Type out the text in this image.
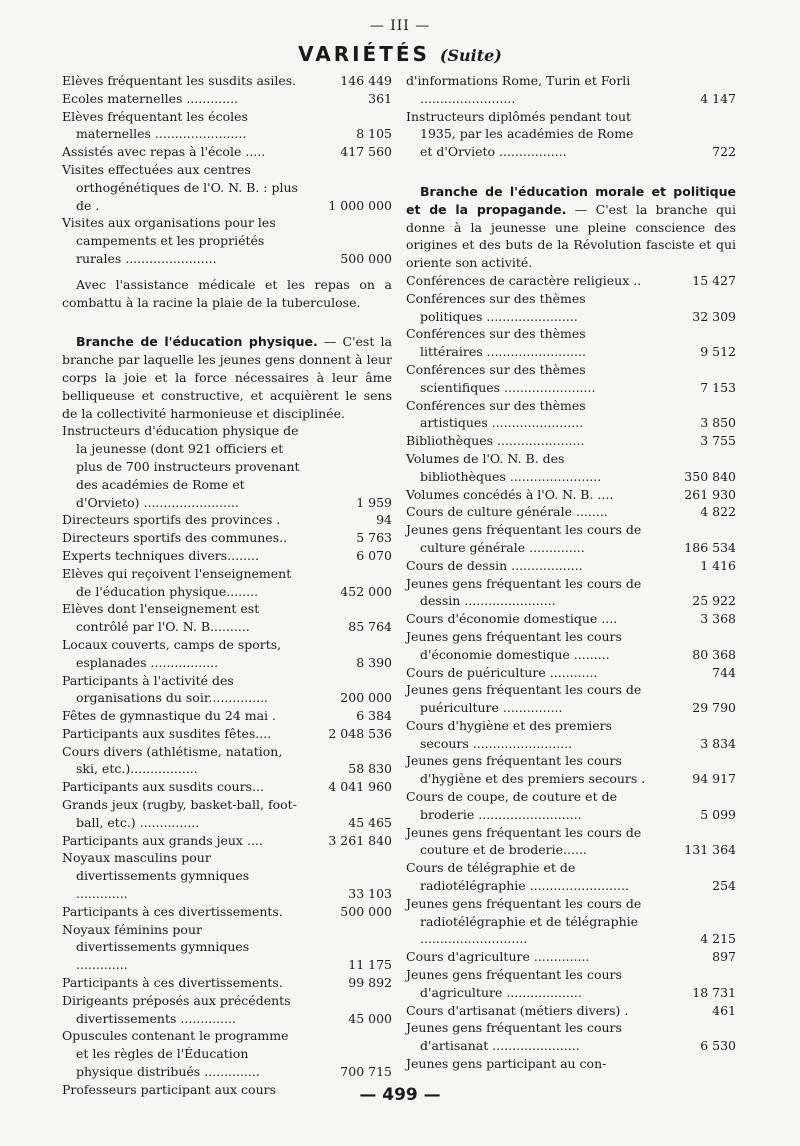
— III —
VARIÉTÉS (Suite)
Elèves fréquentant les susdits asiles.	146 449
Ecoles maternelles .............	361
Elèves fréquentant les écoles maternelles .......................	8 105
Assistés avec repas à l'école .....	417 560
Visites effectuées aux centres orthogénétiques de l'O. N. B. : plus de .	1 000 000
Visites aux organisations pour les campements et les propriétés rurales .......................	500 000

Avec l'assistance médicale et les repas on a combattu à la racine la plaie de la tuberculose.

Branche de l'éducation physique. — C'est la branche par laquelle les jeunes gens donnent à leur corps la joie et la force nécessaires à leur âme belliqueuse et constructive, et acquièrent le sens de la collectivité harmonieuse et disciplinée.

Instructeurs d'éducation physique de la jeunesse (dont 921 officiers et plus de 700 instructeurs provenant des académies de Rome et d'Orvieto) ........................	1 959
Directeurs sportifs des provinces .	94
Directeurs sportifs des communes..	5 763
Experts techniques divers........	6 070
Elèves qui reçoivent l'enseignement de l'éducation physique........	452 000
Elèves dont l'enseignement est contrôlé par l'O. N. B..........	85 764
Locaux couverts, camps de sports, esplanades .................	8 390
Participants à l'activité des organisations du soir...............	200 000
Fêtes de gymnastique du 24 mai .	6 384
Participants aux susdites fêtes....	2 048 536
Cours divers (athlétisme, natation, ski, etc.).................	58 830
Participants aux susdits cours...	4 041 960
Grands jeux (rugby, basket-ball, foot-ball, etc.) ...............	45 465
Participants aux grands jeux ....	3 261 840
Noyaux masculins pour divertissements gymniques .............	33 103
Participants à ces divertissements.	500 000
Noyaux féminins pour divertissements gymniques .............	11 175
Participants à ces divertissements.	99 892
Dirigeants préposés aux précédents divertissements ..............	45 000
Opuscules contenant le programme et les règles de l'Éducation physique distribués ..............	700 715
Professeurs participant aux cours
d'informations Rome, Turin et Forli ........................	4 147
Instructeurs diplômés pendant tout 1935, par les académies de Rome et d'Orvieto .................	722

Branche de l'éducation morale et politique et de la propagande. — C'est la branche qui donne à la jeunesse une pleine conscience des origines et des buts de la Révolution fasciste et qui oriente son activité.

Conférences de caractère religieux ..	15 427
Conférences sur des thèmes politiques .......................	32 309
Conférences sur des thèmes littéraires .........................	9 512
Conférences sur des thèmes scientifiques .......................	7 153
Conférences sur des thèmes artistiques .......................	3 850
Bibliothèques ......................	3 755
Volumes de l'O. N. B. des bibliothèques .......................	350 840
Volumes concédés à l'O. N. B. ....	261 930
Cours de culture générale ........	4 822
Jeunes gens fréquentant les cours de culture générale ..............	186 534
Cours de dessin ..................	1 416
Jeunes gens fréquentant les cours de dessin .......................	25 922
Cours d'économie domestique ....	3 368
Jeunes gens fréquentant les cours d'économie domestique .........	80 368
Cours de puériculture ............	744
Jeunes gens fréquentant les cours de puériculture ...............	29 790
Cours d'hygiène et des premiers secours .........................	3 834
Jeunes gens fréquentant les cours d'hygiène et des premiers secours .	94 917
Cours de coupe, de couture et de broderie ..........................	5 099
Jeunes gens fréquentant les cours de couture et de broderie......	131 364
Cours de télégraphie et de radiotélégraphie .........................	254
Jeunes gens fréquentant les cours de radiotélégraphie et de télégraphie ...........................	4 215
Cours d'agriculture ..............	897
Jeunes gens fréquentant les cours d'agriculture ...................	18 731
Cours d'artisanat (métiers divers) .	461
Jeunes gens fréquentant les cours d'artisanat ......................	6 530
Jeunes gens participant au con-
— 499 —
